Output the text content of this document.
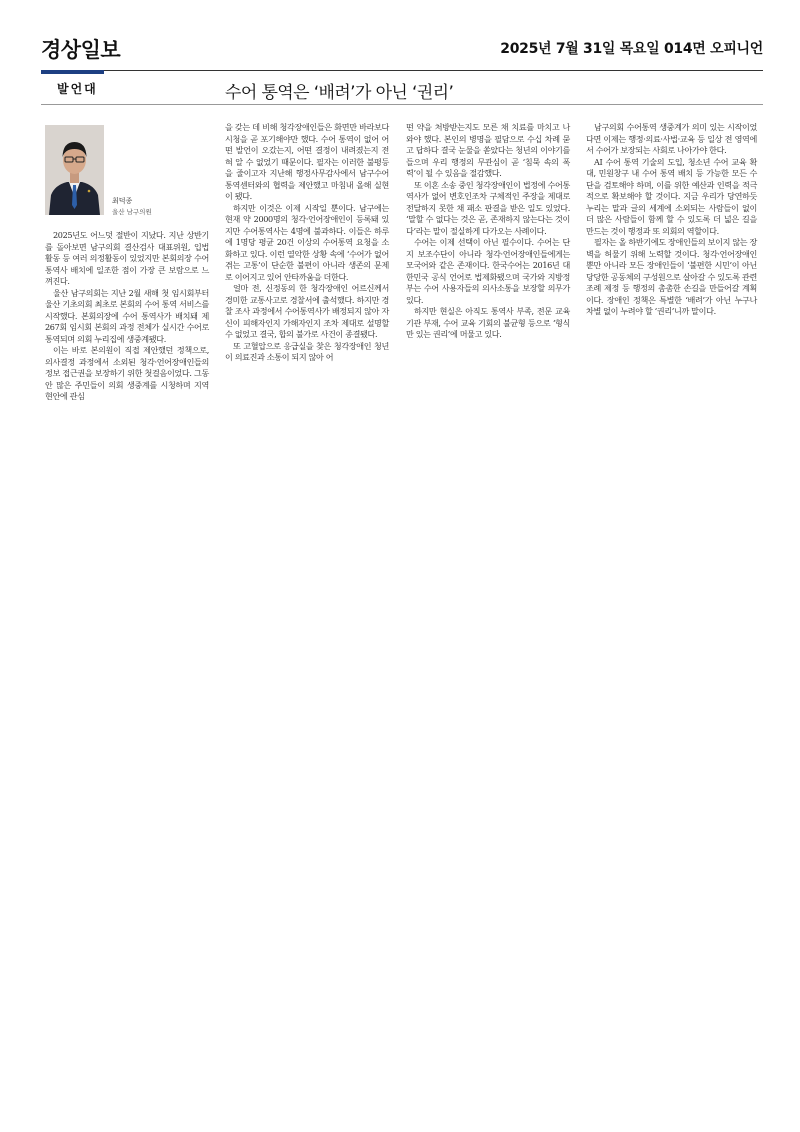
경상일보	2025년 7월 31일 목요일 014면 오피니언
발언대	수어 통역은 ‘배려’가 아닌 ‘권리’
최덕종
울산 남구의원

2025년도 어느덧 절반이 지났다. 지난 상반기를 돌아보면 남구의회 결산검사 대표위원, 입법 활동 등 여러 의정활동이 있었지만 본회의장 수어통역사 배치에 일조한 점이 가장 큰 보람으로 느껴진다.

울산 남구의회는 지난 2월 새해 첫 임시회부터 울산 기초의회 최초로 본회의 수어 통역 서비스를 시작했다. 본회의장에 수어 통역사가 배치돼 제267회 임시회 본회의 과정 전체가 실시간 수어로 통역되며 의회 누리집에 생중계됐다.

이는 바로 본의원이 직접 제안했던 정책으로, 의사결정 과정에서 소외된 청각·언어장애인들의 정보 접근권을 보장하기 위한 첫걸음이었다. 그동안 많은 주민들이 의회 생중계를 시청하며 지역 현안에 관심

을 갖는 데 비해 청각장애인들은 화면만 바라보다 시청을 곧 포기해야만 했다. 수어 통역이 없어 어떤 발언이 오갔는지, 어떤 결정이 내려졌는지 전혀 알 수 없었기 때문이다. 필자는 이러한 불평등을 줄이고자 지난해 행정사무감사에서 남구수어통역센터와의 협력을 제안했고 마침내 올해 실현이 됐다.

하지만 이것은 이제 시작일 뿐이다. 남구에는 현재 약 2000명의 청각·언어장애인이 등록돼 있지만 수어통역사는 4명에 불과하다. 이들은 하루에 1명당 평균 20건 이상의 수어통역 요청을 소화하고 있다. 이런 열악한 상황 속에 ‘수어가 없어 겪는 고통’이 단순한 불편이 아니라 생존의 문제로 이어지고 있어 안타까움을 더한다.

얼마 전, 신정동의 한 청각장애인 어르신께서 경미한 교통사고로 경찰서에 출석했다. 하지만 경찰 조사 과정에서 수어통역사가 배정되지 않아 자신이 피해자인지 가해자인지 조차 제대로 설명할 수 없었고 결국, 합의 불가로 사건이 종결됐다.

또 고혈압으로 응급실을 찾은 청각장애인 청년이 의료진과 소통이 되지 않아 어

떤 약을 처방받는지도 모른 채 치료를 마치고 나와야 했다. 본인의 병명을 필담으로 수십 차례 묻고 답하다 결국 눈물을 쏟았다는 청년의 이야기를 들으며 우리 행정의 무관심이 곧 ‘침묵 속의 폭력’이 될 수 있음을 절감했다.

또 이혼 소송 중인 청각장애인이 법정에 수어통역사가 없어 변호인조차 구체적인 주장을 제대로 전달하지 못한 채 패소 판결을 받은 일도 있었다. ‘말할 수 없다는 것은 곧, 존재하지 않는다는 것이다’라는 말이 절실하게 다가오는 사례이다.

수어는 이제 선택이 아닌 필수이다. 수어는 단지 보조수단이 아니라 청각·언어장애인들에게는 모국어와 같은 존재이다. 한국수어는 2016년 대한민국 공식 언어로 법제화됐으며 국가와 지방정부는 수어 사용자들의 의사소통을 보장할 의무가 있다.

하지만 현실은 아직도 통역사 부족, 전문 교육기관 부재, 수어 교육 기회의 불균형 등으로 ‘형식만 있는 권리’에 머물고 있다.

남구의회 수어통역 생중계가 의미 있는 시작이었다면 이제는 행정·의료·사법·교육 등 일상 전 영역에서 수어가 보장되는 사회로 나아가야 한다.

AI 수어 통역 기술의 도입, 청소년 수어 교육 확대, 민원창구 내 수어 통역 배치 등 가능한 모든 수단을 검토해야 하며, 이를 위한 예산과 인력을 적극적으로 확보해야 할 것이다. 지금 우리가 당연하듯 누리는 말과 글의 세계에 소외되는 사람들이 없이 더 많은 사람들이 함께 할 수 있도록 더 넓은 길을 만드는 것이 행정과 또 의회의 역할이다.

필자는 올 하반기에도 장애인들의 보이지 않는 장벽을 허물기 위해 노력할 것이다. 청각·언어장애인뿐만 아니라 모든 장애인들이 ‘불편한 시민’이 아닌 당당한 공동체의 구성원으로 살아갈 수 있도록 관련 조례 제정 등 행정의 촘촘한 손길을 만들어갈 계획이다. 장애인 정책은 특별한 ‘배려’가 아닌 누구나 차별 없이 누려야 할 ‘권리’니까 말이다.
